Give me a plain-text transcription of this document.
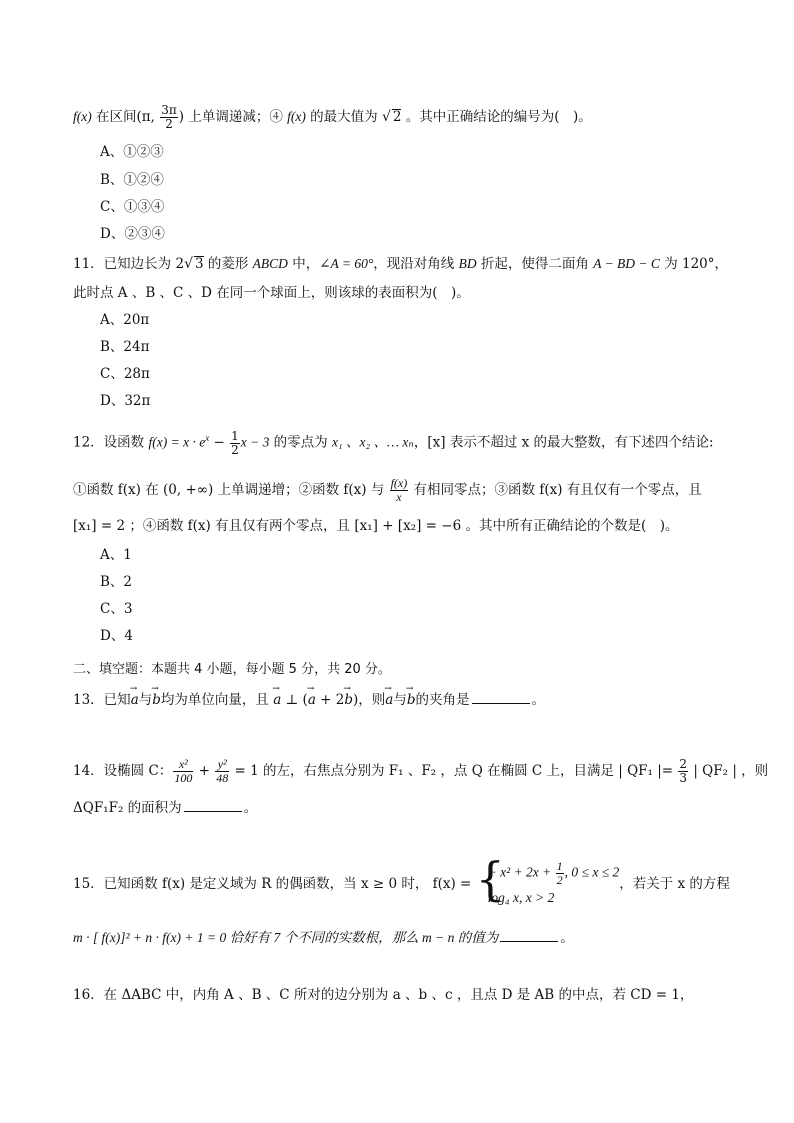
f(x) 在区间(π, $\frac{3\pi}{2}$ ) 上单调递减；④ f(x) 的最大值为 √ 2 。其中正确结论的编号为(　)。
A、①②③
B、①②④
C、①③④
D、②③④
11．已知边长为 2√ 3 的菱形 ABCD 中，∠A = 60°，现沿对角线 BD 折起，使得二面角 A − BD − C 为 120°，
此时点 A 、B 、C 、D 在同一个球面上，则该球的表面积为(　)。
A、20π
B、24π
C、28π
D、32π
12．设函数 $f(x) = x \cdot e^x - \frac{1}{2}$ x − 3 的零点为 x₁ 、x₂ 、… xₙ，[x] 表示不超过 x 的最大整数，有下述四个结论:
①函数 f(x) 在 (0, +∞) 上单调递增；②函数 f(x) 与 $\frac{f(x)}{x}$ 有相同零点；③函数 f(x) 有且仅有一个零点，且
[x₁] = 2 ；④函数 f(x) 有且仅有两个零点，且 [x₁] + [x₂] = −6 。其中所有正确结论的个数是(　)。
A、1
B、2
C、3
D、4
二、填空题：本题共 4 小题，每小题 5 分，共 20 分。
13．已知→ a与→ b均为单位向量，且 → a ⊥ (→ a + 2→ b)，则→ a与→ b的夹角是	。
14．设椭圆 C： $\frac{\text{x²}}{100} + \frac{\text{y²}}{48} = 1$ 的左，右焦点分别为 F₁ 、F₂ ，点 Q 在椭圆 C 上，目满足 | QF₁ |= $\frac{2}{3}$ | QF₂ | ，则
ΔQF₁F₂ 的面积为	。
15．已知函数 f(x) 是定义域为 R 的偶函数，当 x ≥ 0 时， f(x) = {
− $x^2 + 2x + \frac{1}{2}$ , 0 ≤ x ≤ 2
log₄ x, x > 2
，若关于 x 的方程
m · [ f(x)]² + n · f(x) + 1 = 0 恰好有 7 个不同的实数根，那么 m − n 的值为	。
16．在 ΔABC 中，内角 A 、B 、C 所对的边分别为 a 、b 、c ，且点 D 是 AB 的中点，若 CD = 1，
